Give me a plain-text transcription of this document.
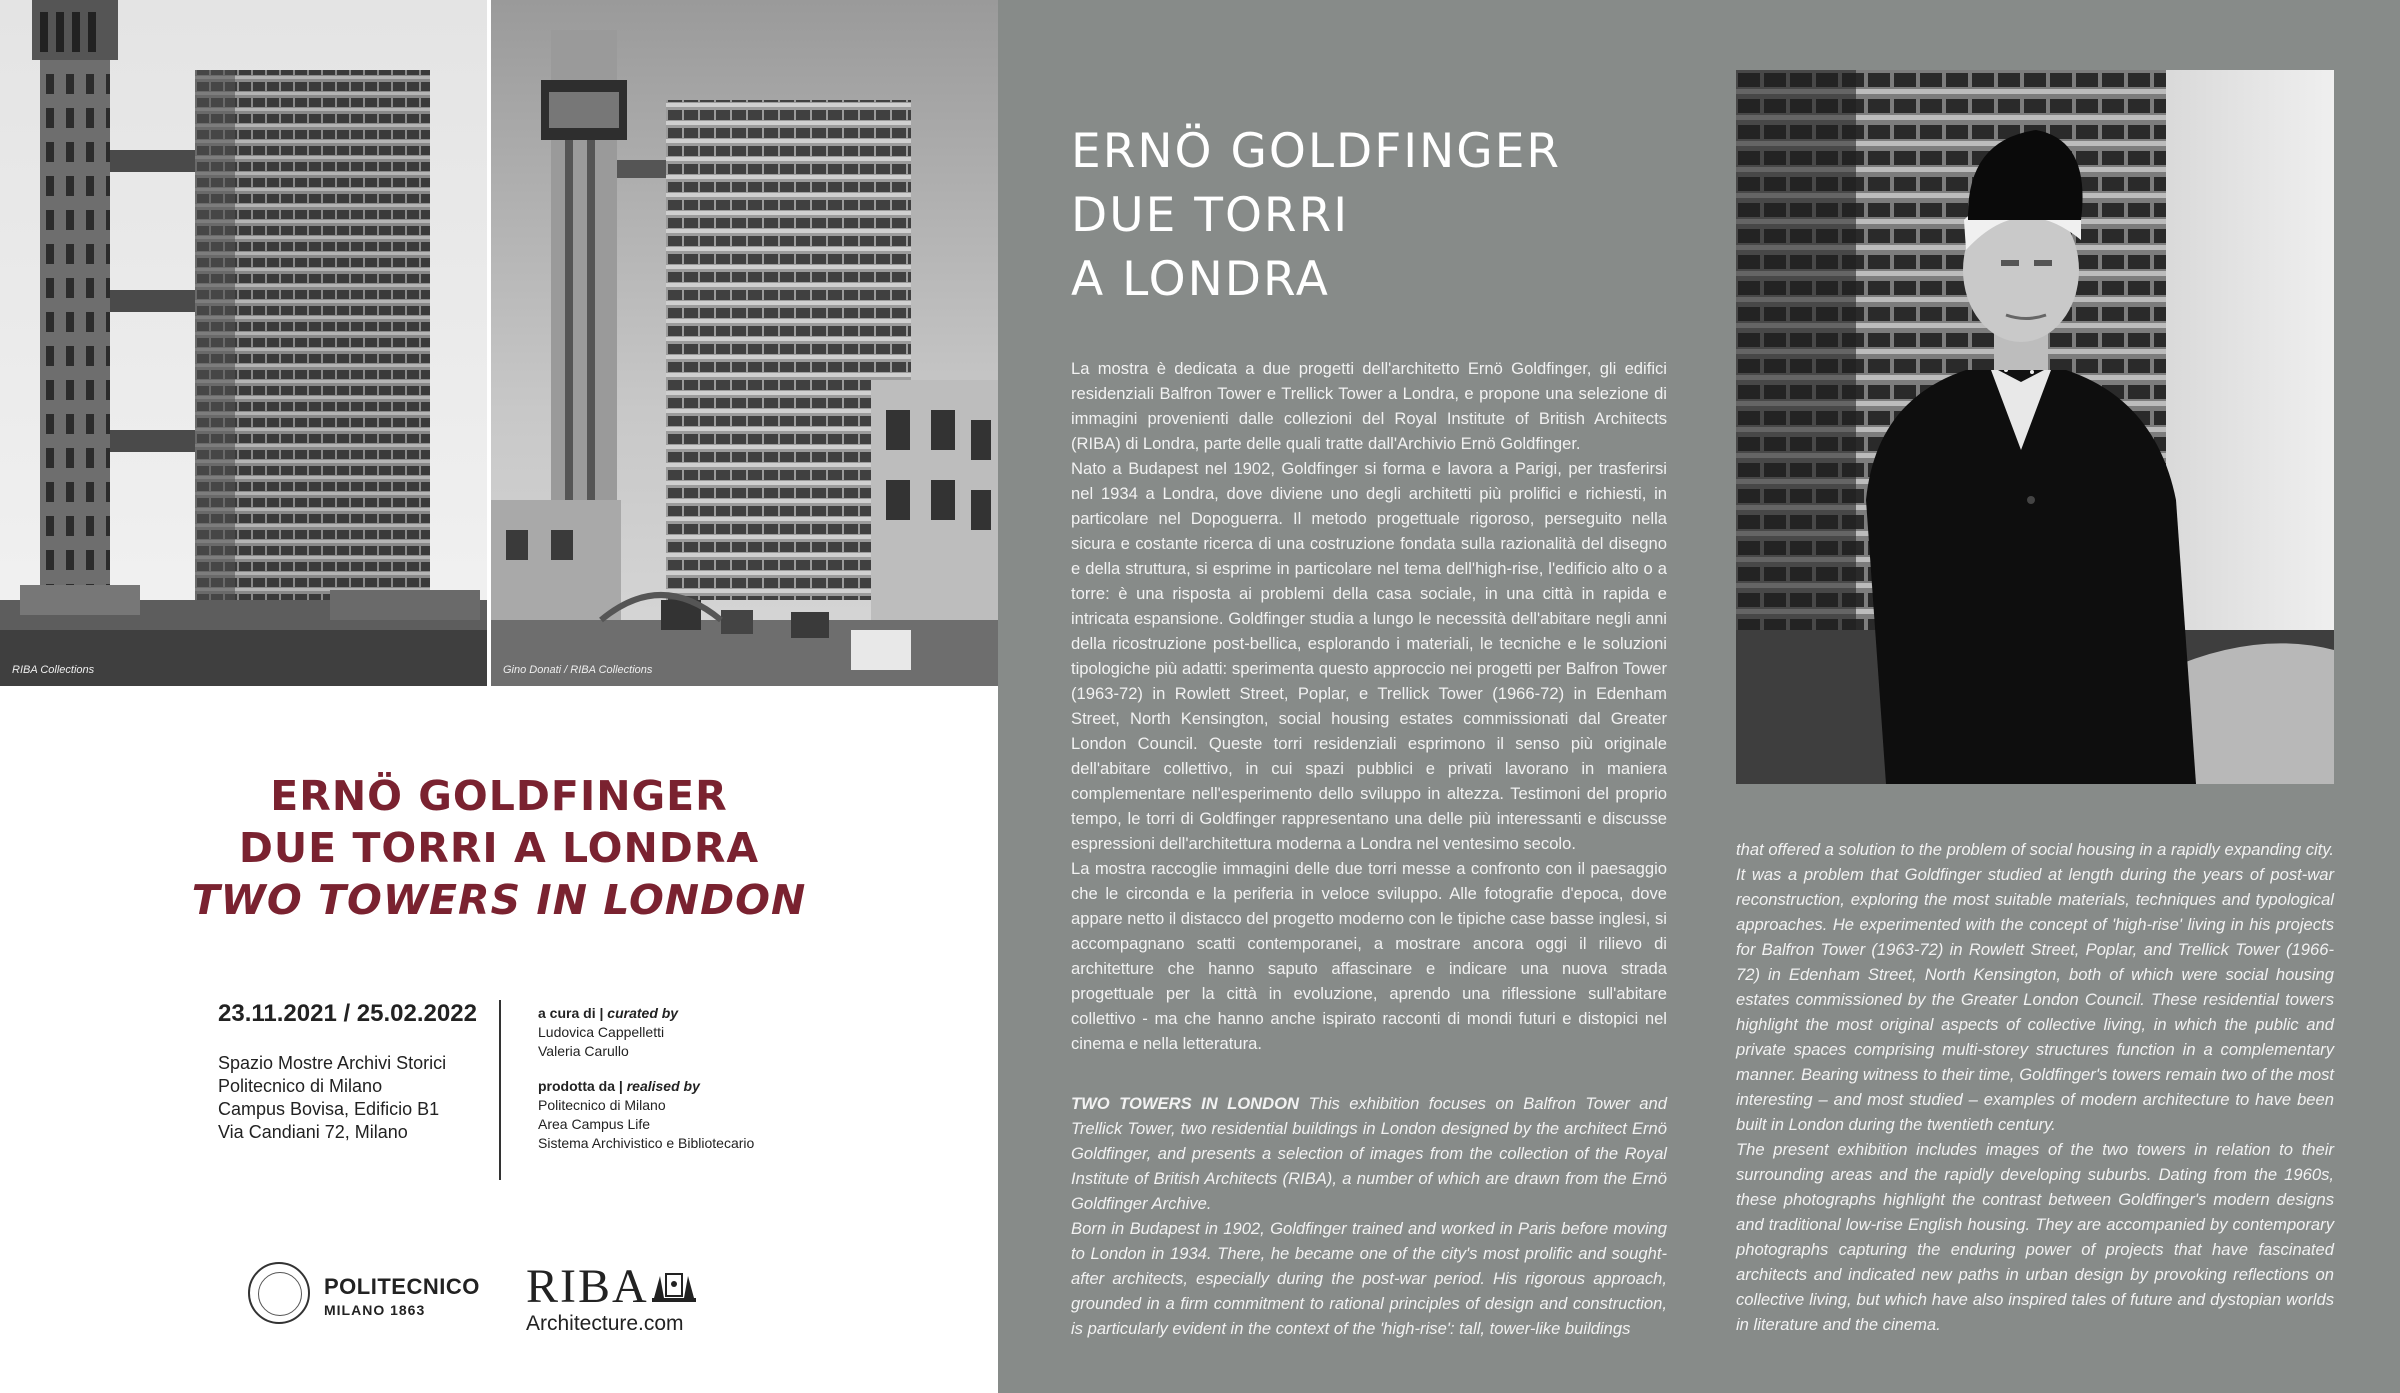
RIBA Collections	Gino Donati / RIBA Collections
ERNÖ GOLDFINGER
DUE TORRI A LONDRA
TWO TOWERS IN LONDON
23.11.2021 / 25.02.2022
Spazio Mostre Archivi Storici
Politecnico di Milano
Campus Bovisa, Edificio B1
Via Candiani 72, Milano
a cura di | curated by
Ludovica Cappelletti
Valeria Carullo
prodotta da | realised by
Politecnico di Milano
Area Campus Life
Sistema Archivistico e Bibliotecario
POLITECNICO
MILANO 1863 RIBA
Architecture.com
ERNÖ GOLDFINGER
DUE TORRI
A LONDRA

La mostra è dedicata a due progetti dell'architetto Ernö Goldfinger, gli edifici residenziali Balfron Tower e Trellick Tower a Londra, e propone una selezione di immagini provenienti dalle collezioni del Royal Institute of British Architects (RIBA) di Londra, parte delle quali tratte dall'Archivio Ernö Goldfinger.

Nato a Budapest nel 1902, Goldfinger si forma e lavora a Parigi, per trasferirsi nel 1934 a Londra, dove diviene uno degli architetti più prolifici e richiesti, in particolare nel Dopoguerra. Il metodo progettuale rigoroso, perseguito nella sicura e costante ricerca di una costruzione fondata sulla razionalità del disegno e della struttura, si esprime in particolare nel tema dell'high-rise, l'edificio alto o a torre: è una risposta ai problemi della casa sociale, in una città in rapida e intricata espansione. Goldfinger studia a lungo le necessità dell'abitare negli anni della ricostruzione post-bellica, esplorando i materiali, le tecniche e le soluzioni tipologiche più adatti: sperimenta questo approccio nei progetti per Balfron Tower (1963-72) in Rowlett Street, Poplar, e Trellick Tower (1966-72) in Edenham Street, North Kensington, social housing estates commissionati dal Greater London Council. Queste torri residenziali esprimono il senso più originale dell'abitare collettivo, in cui spazi pubblici e privati lavorano in maniera complementare nell'esperimento dello sviluppo in altezza. Testimoni del proprio tempo, le torri di Goldfinger rappresentano una delle più interessanti e discusse espressioni dell'architettura moderna a Londra nel ventesimo secolo.

La mostra raccoglie immagini delle due torri messe a confronto con il paesaggio che le circonda e la periferia in veloce sviluppo. Alle fotografie d'epoca, dove appare netto il distacco del progetto moderno con le tipiche case basse inglesi, si accompagnano scatti contemporanei, a mostrare ancora oggi il rilievo di architetture che hanno saputo affascinare e indicare una nuova strada progettuale per la città in evoluzione, aprendo una riflessione sull'abitare collettivo - ma che hanno anche ispirato racconti di mondi futuri e distopici nel cinema e nella letteratura.

TWO TOWERS IN LONDON This exhibition focuses on Balfron Tower and Trellick Tower, two residential buildings in London designed by the architect Ernö Goldfinger, and presents a selection of images from the collection of the Royal Institute of British Architects (RIBA), a number of which are drawn from the Ernö Goldfinger Archive.

Born in Budapest in 1902, Goldfinger trained and worked in Paris before moving to London in 1934. There, he became one of the city's most prolific and sought-after architects, especially during the post-war period. His rigorous approach, grounded in a firm commitment to rational principles of design and construction, is particularly evident in the context of the 'high-rise': tall, tower-like buildings

that offered a solution to the problem of social housing in a rapidly expanding city. It was a problem that Goldfinger studied at length during the years of post-war reconstruction, exploring the most suitable materials, techniques and typological approaches. He experimented with the concept of 'high-rise' living in his projects for Balfron Tower (1963-72) in Rowlett Street, Poplar, and Trellick Tower (1966-72) in Edenham Street, North Kensington, both of which were social housing estates commissioned by the Greater London Council. These residential towers highlight the most original aspects of collective living, in which the public and private spaces comprising multi-storey structures function in a complementary manner. Bearing witness to their time, Goldfinger's towers remain two of the most interesting – and most studied – examples of modern architecture to have been built in London during the twentieth century.

The present exhibition includes images of the two towers in relation to their surrounding areas and the rapidly developing suburbs. Dating from the 1960s, these photographs highlight the contrast between Goldfinger's modern designs and traditional low-rise English housing. They are accompanied by contemporary photographs capturing the enduring power of projects that have fascinated architects and indicated new paths in urban design by provoking reflections on collective living, but which have also inspired tales of future and dystopian worlds in literature and the cinema.
